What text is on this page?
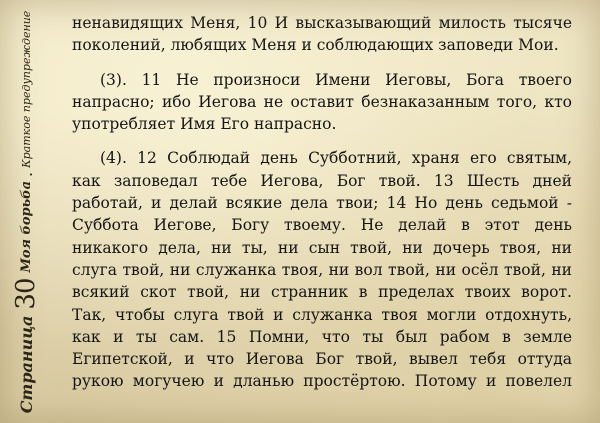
Страница
30
Моя борьба
.
Краткое предупреждение	ненавидящих Меня, 10 И высказывающий милость тысяче
поколений, любящих Меня и соблюдающих заповеди Мои.
(3). 11 Не произноси Имени Иеговы, Бога твоего
напрасно; ибо Иегова не оставит безнаказанным того, кто
употребляет Имя Его напрасно.
(4). 12 Соблюдай день Субботний, храня его святым,
как заповедал тебе Иегова, Бог твой. 13 Шесть дней
работай, и делай всякие дела твои; 14 Но день седьмой -
Суббота Иегове, Богу твоему. Не делай в этот день
никакого дела, ни ты, ни сын твой, ни дочерь твоя, ни
слуга твой, ни служанка твоя, ни вол твой, ни осёл твой, ни
всякий скот твой, ни странник в пределах твоих ворот.
Так, чтобы слуга твой и служанка твоя могли отдохнуть,
как и ты сам. 15 Помни, что ты был рабом в земле
Египетской, и что Иегова Бог твой, вывел тебя оттуда
рукою могучею и дланью простёртою. Потому и повелел
